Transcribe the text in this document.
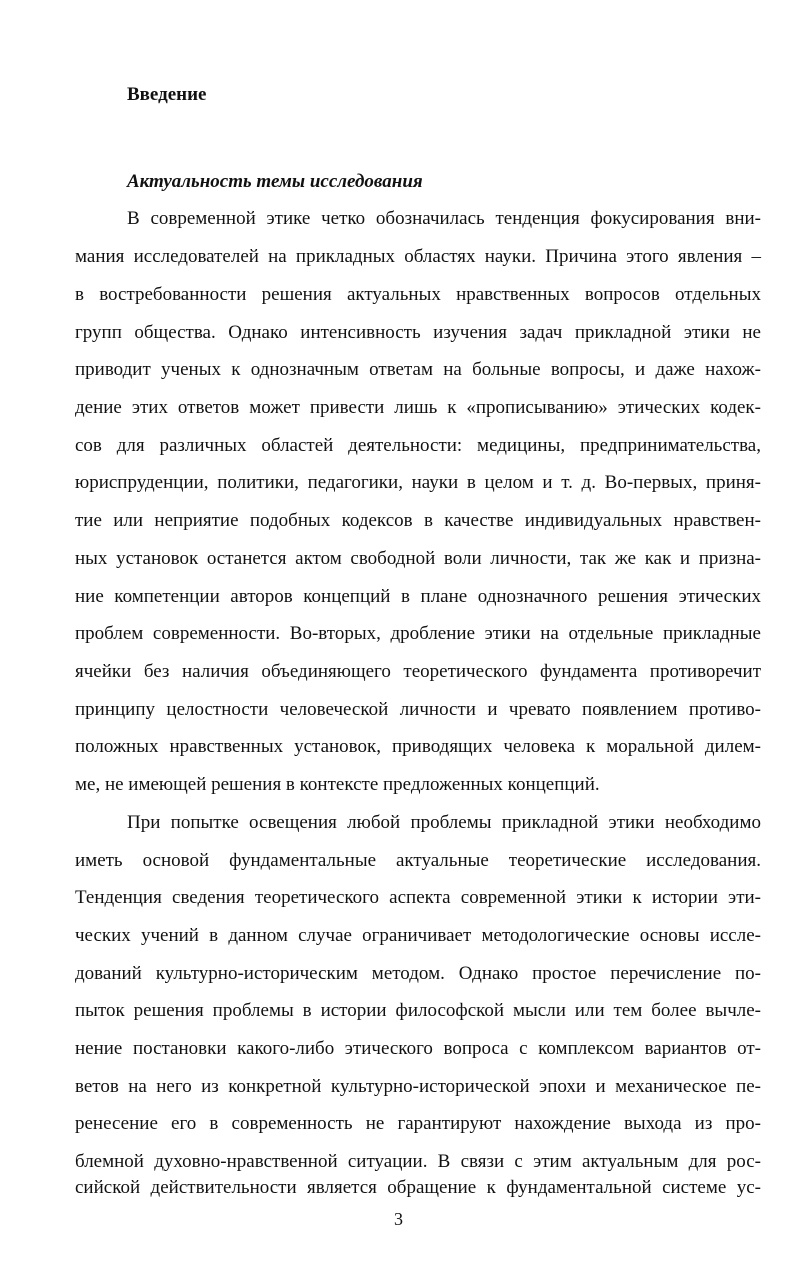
Введение
Актуальность темы исследования

В современной этике четко обозначилась тенденция фокусирования вни-

мания исследователей на прикладных областях науки. Причина этого явления –

в востребованности решения актуальных нравственных вопросов отдельных

групп общества. Однако интенсивность изучения задач прикладной этики не

приводит ученых к однозначным ответам на больные вопросы, и даже нахож-

дение этих ответов может привести лишь к «прописыванию» этических кодек-

сов для различных областей деятельности: медицины, предпринимательства,

юриспруденции, политики, педагогики, науки в целом и т. д. Во-первых, приня-

тие или неприятие подобных кодексов в качестве индивидуальных нравствен-

ных установок останется актом свободной воли личности, так же как и призна-

ние компетенции авторов концепций в плане однозначного решения этических

проблем современности. Во-вторых, дробление этики на отдельные прикладные

ячейки без наличия объединяющего теоретического фундамента противоречит

принципу целостности человеческой личности и чревато появлением противо-

положных нравственных установок, приводящих человека к моральной дилем-

ме, не имеющей решения в контексте предложенных концепций.

При попытке освещения любой проблемы прикладной этики необходимо

иметь основой фундаментальные актуальные теоретические исследования.

Тенденция сведения теоретического аспекта современной этики к истории эти-

ческих учений в данном случае ограничивает методологические основы иссле-

дований культурно-историческим методом. Однако простое перечисление по-

пыток решения проблемы в истории философской мысли или тем более вычле-

нение постановки какого-либо этического вопроса с комплексом вариантов от-

ветов на него из конкретной культурно-исторической эпохи и механическое пе-

ренесение его в современность не гарантируют нахождение выхода из про-

блемной духовно-нравственной ситуации. В связи с этим актуальным для рос-

сийской действительности является обращение к фундаментальной системе ус-

3
